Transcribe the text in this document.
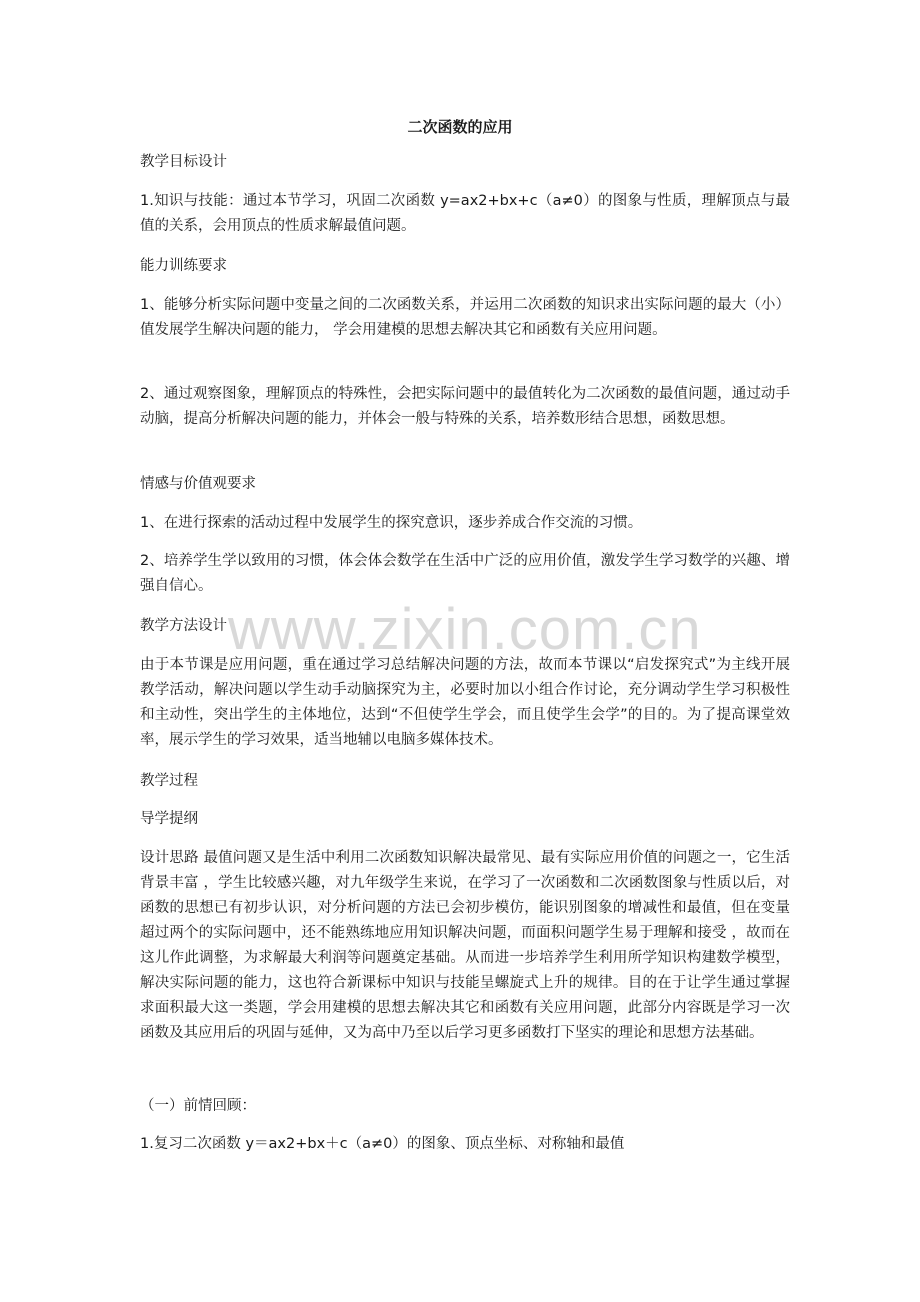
二次函数的应用
教学目标设计
1.知识与技能：通过本节学习，巩固二次函数 y=ax2+bx+c（a≠0）的图象与性质，理解顶点与最值的关系，会用顶点的性质求解最值问题。
能力训练要求
1、能够分析实际问题中变量之间的二次函数关系，并运用二次函数的知识求出实际问题的最大（小）值发展学生解决问题的能力， 学会用建模的思想去解决其它和函数有关应用问题。
2、通过观察图象，理解顶点的特殊性，会把实际问题中的最值转化为二次函数的最值问题，通过动手动脑，提高分析解决问题的能力，并体会一般与特殊的关系，培养数形结合思想，函数思想。
情感与价值观要求
1、在进行探索的活动过程中发展学生的探究意识，逐步养成合作交流的习惯。
2、培养学生学以致用的习惯，体会体会数学在生活中广泛的应用价值，激发学生学习数学的兴趣、增强自信心。
www.zixin.com.cn
教学方法设计
由于本节课是应用问题，重在通过学习总结解决问题的方法，故而本节课以“启发探究式”为主线开展教学活动，解决问题以学生动手动脑探究为主，必要时加以小组合作讨论，充分调动学生学习积极性和主动性，突出学生的主体地位，达到“不但使学生学会，而且使学生会学”的目的。为了提高课堂效率，展示学生的学习效果，适当地辅以电脑多媒体技术。
教学过程
导学提纲
设计思路 最值问题又是生活中利用二次函数知识解决最常见、最有实际应用价值的问题之一，它生活背景丰富 ，学生比较感兴趣，对九年级学生来说，在学习了一次函数和二次函数图象与性质以后，对函数的思想已有初步认识，对分析问题的方法已会初步模仿，能识别图象的增减性和最值，但在变量超过两个的实际问题中，还不能熟练地应用知识解决问题，而面积问题学生易于理解和接受 ，故而在这儿作此调整，为求解最大利润等问题奠定基础。从而进一步培养学生利用所学知识构建数学模型，解决实际问题的能力，这也符合新课标中知识与技能呈螺旋式上升的规律。目的在于让学生通过掌握求面积最大这一类题，学会用建模的思想去解决其它和函数有关应用问题，此部分内容既是学习一次函数及其应用后的巩固与延伸，又为高中乃至以后学习更多函数打下坚实的理论和思想方法基础。
（一）前情回顾：
1.复习二次函数 y＝ax2+bx＋c（a≠0）的图象、顶点坐标、对称轴和最值
